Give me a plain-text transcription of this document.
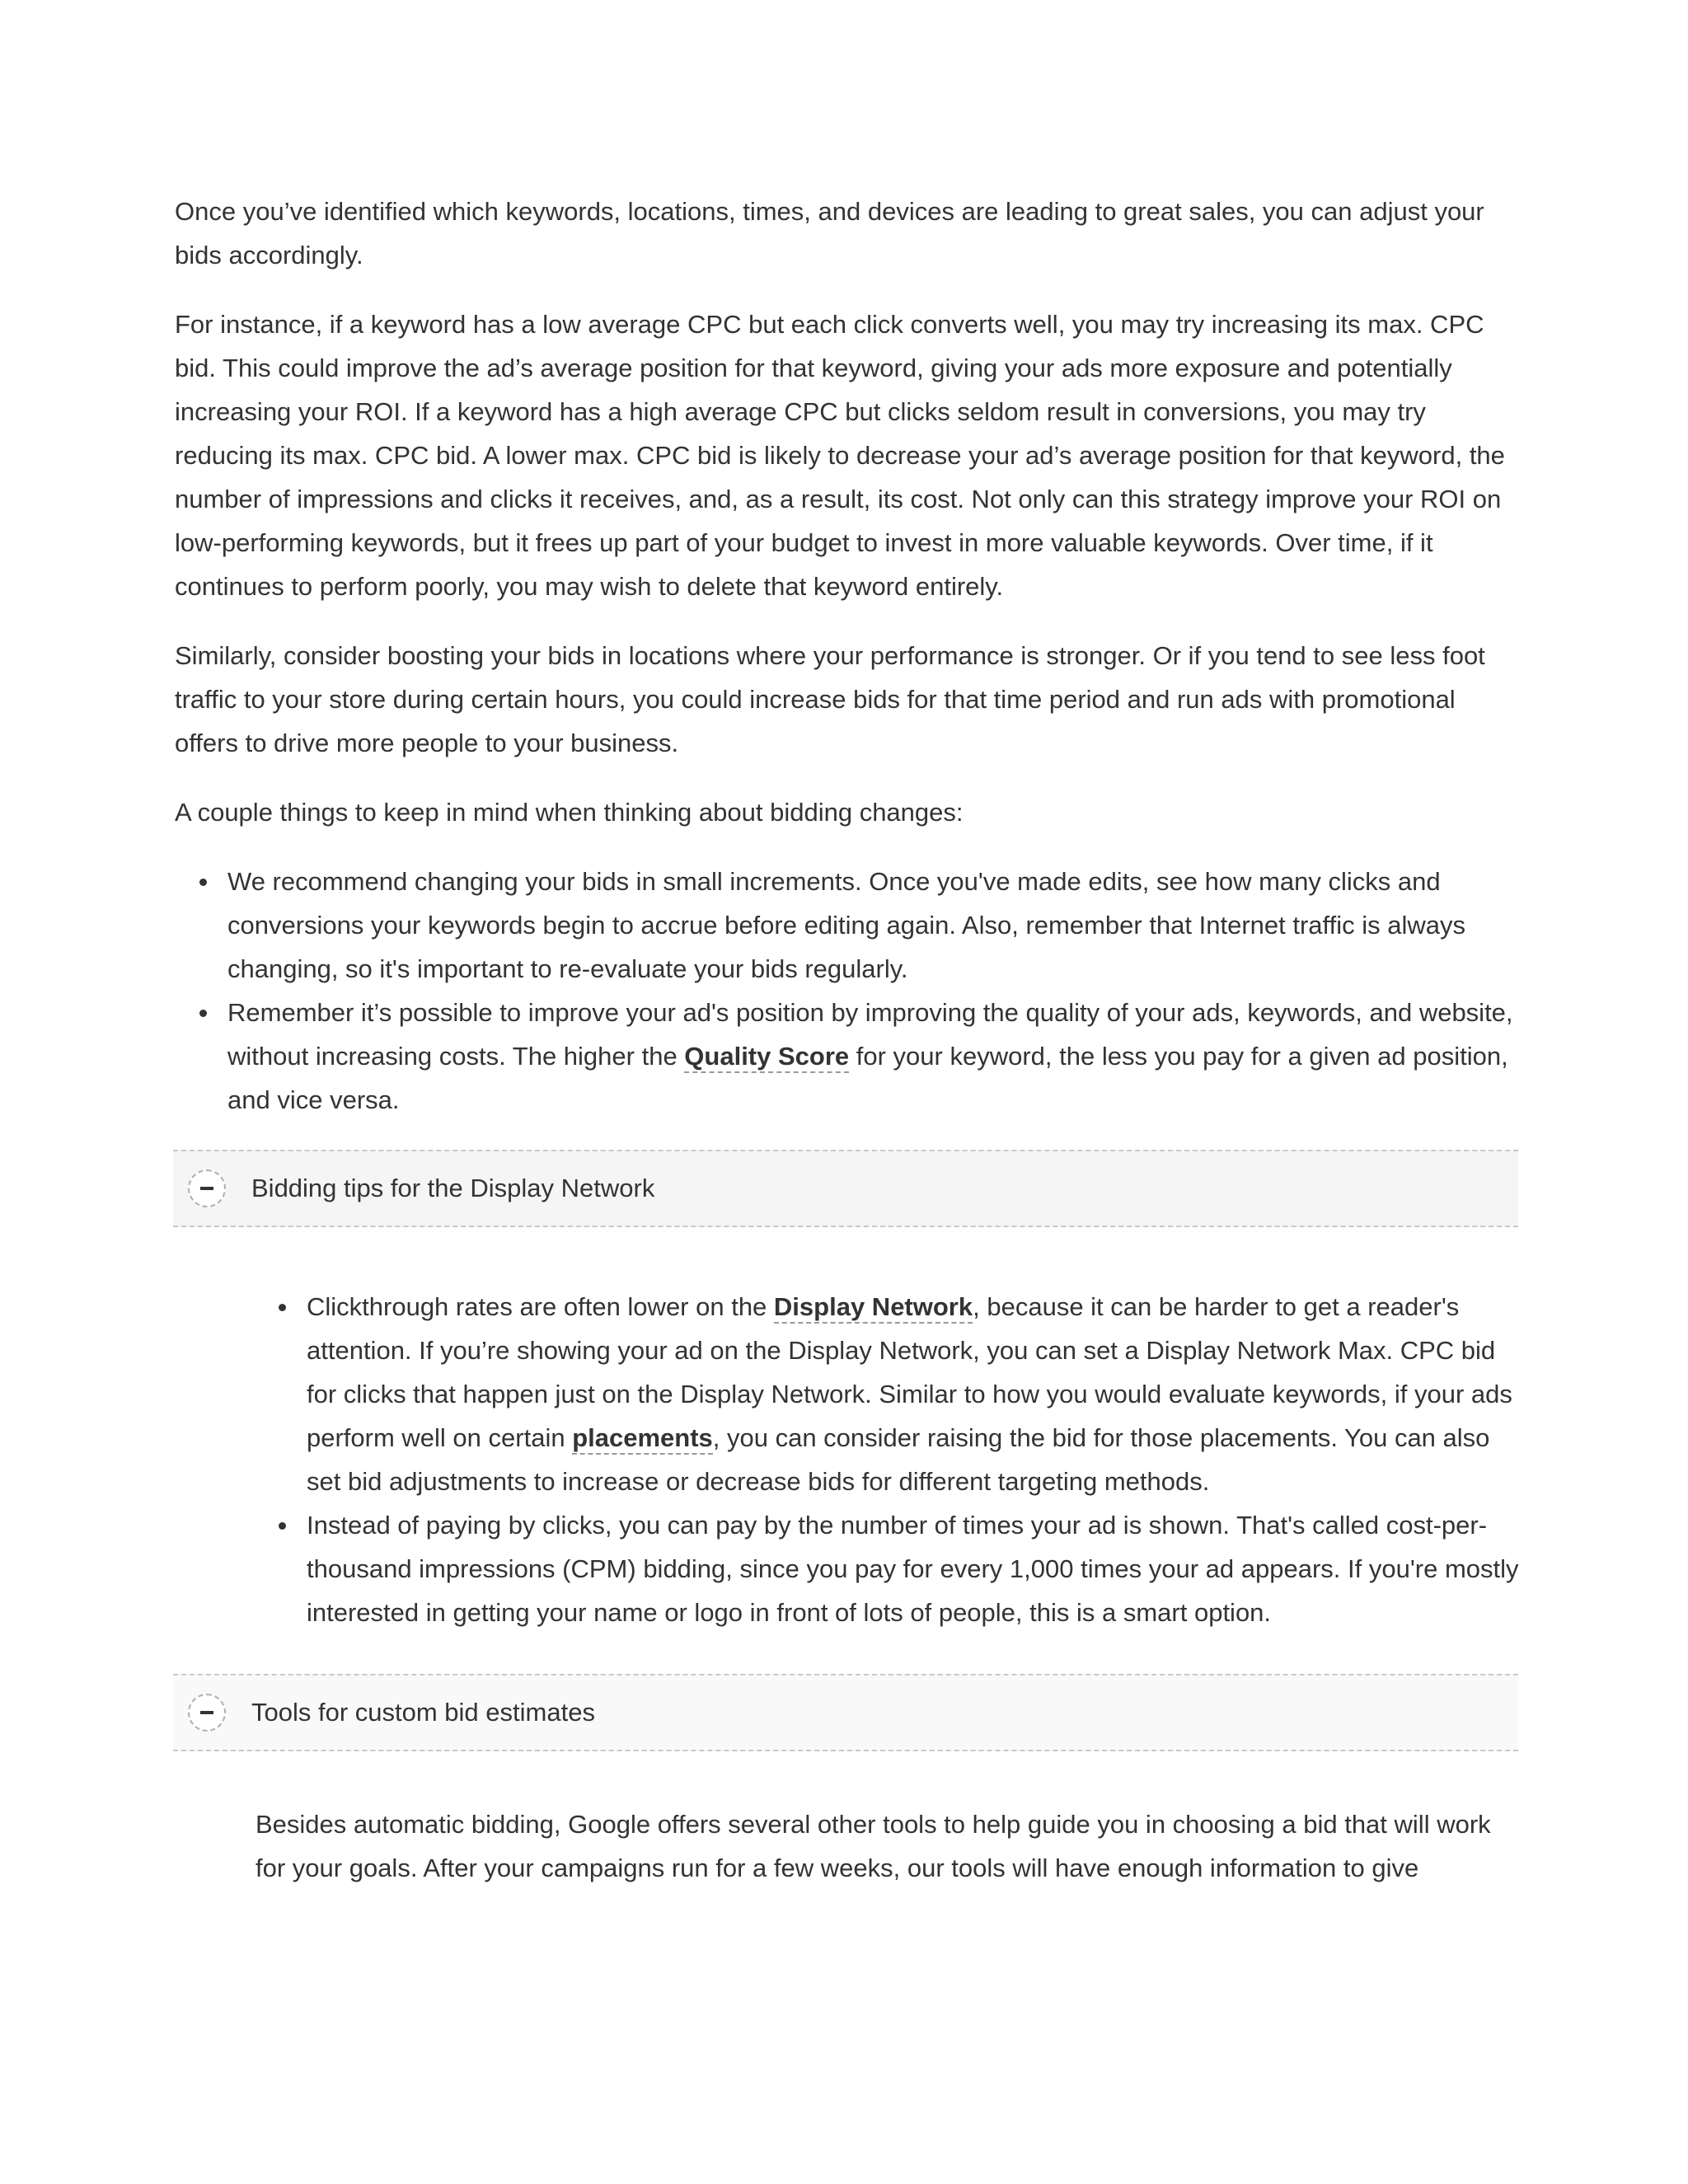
Once you’ve identified which keywords, locations, times, and devices are leading to great sales, you can adjust your bids accordingly.

For instance, if a keyword has a low average CPC but each click converts well, you may try increasing its max. CPC bid. This could improve the ad’s average position for that keyword, giving your ads more exposure and potentially increasing your ROI. If a keyword has a high average CPC but clicks seldom result in conversions, you may try reducing its max. CPC bid. A lower max. CPC bid is likely to decrease your ad’s average position for that keyword, the number of impressions and clicks it receives, and, as a result, its cost. Not only can this strategy improve your ROI on low-performing keywords, but it frees up part of your budget to invest in more valuable keywords. Over time, if it continues to perform poorly, you may wish to delete that keyword entirely.

Similarly, consider boosting your bids in locations where your performance is stronger. Or if you tend to see less foot traffic to your store during certain hours, you could increase bids for that time period and run ads with promotional offers to drive more people to your business.

A couple things to keep in mind when thinking about bidding changes:

We recommend changing your bids in small increments. Once you've made edits, see how many clicks and conversions your keywords begin to accrue before editing again. Also, remember that Internet traffic is always changing, so it's important to re-evaluate your bids regularly.
Remember it’s possible to improve your ad's position by improving the quality of your ads, keywords, and website, without increasing costs. The higher the Quality Score for your keyword, the less you pay for a given ad position, and vice versa.
Bidding tips for the Display Network
Clickthrough rates are often lower on the Display Network, because it can be harder to get a reader's attention. If you’re showing your ad on the Display Network, you can set a Display Network Max. CPC bid for clicks that happen just on the Display Network. Similar to how you would evaluate keywords, if your ads perform well on certain placements, you can consider raising the bid for those placements. You can also set bid adjustments to increase or decrease bids for different targeting methods.
Instead of paying by clicks, you can pay by the number of times your ad is shown. That's called cost-per-thousand impressions (CPM) bidding, since you pay for every 1,000 times your ad appears. If you're mostly interested in getting your name or logo in front of lots of people, this is a smart option.
Tools for custom bid estimates

Besides automatic bidding, Google offers several other tools to help guide you in choosing a bid that will work for your goals. After your campaigns run for a few weeks, our tools will have enough information to give
